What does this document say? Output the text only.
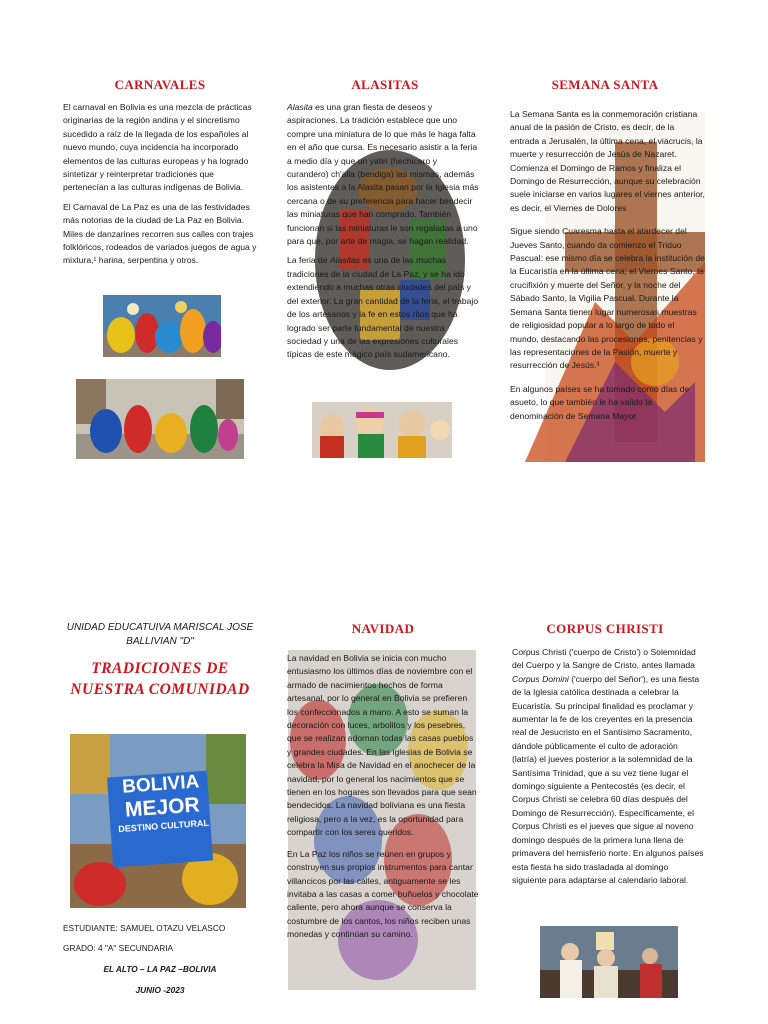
CARNAVALES

El carnaval en Bolivia es una mezcla de prácticas originarias de la región andina y el sincretismo sucedido a raíz de la llegada de los españoles al nuevo mundo, cuya incidencia ha incorporado elementos de las culturas europeas y ha logrado sintetizar y reinterpretar tradiciones que pertenecían a las culturas indígenas de Bolivia.

El Carnaval de La Paz es una de las festividades más notorias de la ciudad de La Paz en Bolivia. Miles de danzarines recorren sus calles con trajes folklóricos, rodeados de variados juegos de agua y mixtura,¹ harina, serpentina y otros.

ALASITAS

Alasita es una gran fiesta de deseos y aspiraciones. La tradición establece que uno compre una miniatura de lo que más le haga falta en el año que cursa. Es necesario asistir a la feria a medio día y que un yatiri (hechicero y curandero) ch'alla (bendiga) las mismas, además los asistentes a la Alasita pasan por la Iglesia más cercana o de su preferencia para hacer bendecir las miniaturas que han comprado. También funcionan si las miniaturas le son regaladas a uno para que, por arte de magia, se hagan realidad.

La feria de Alasitas es una de las muchas tradiciones de la ciudad de La Paz, y se ha ido extendiendo a muchas otras ciudades del país y del exterior. La gran cantidad de la feria, el trabajo de los artesanos y la fe en estos ritos que ha logrado ser parte fundamental de nuestra sociedad y una de las expresiones culturales típicas de este mágico país sudamericano.

SEMANA SANTA

La Semana Santa es la conmemoración cristiana anual de la pasión de Cristo, es decir, de la entrada a Jerusalén, la última cena, el viacrucis, la muerte y resurrección de Jesús de Nazaret. Comienza el Domingo de Ramos y finaliza el Domingo de Resurrección, aunque su celebración suele iniciarse en varios lugares el viernes anterior, es decir, el Viernes de Dolores

Sigue siendo Cuaresma hasta el atardecer del Jueves Santo, cuando da comienzo el Triduo Pascual: ese mismo día se celebra la institución de la Eucaristía en la última cena; el Viernes Santo, la crucifixión y muerte del Señor, y la noche del Sábado Santo, la Vigilia Pascual. Durante la Semana Santa tienen lugar numerosas muestras de religiosidad popular a lo largo de todo el mundo, destacando las procesiones, penitencias y las representaciones de la Pasión, muerte y resurrección de Jesús.³

En algunos países se ha tomado como días de asueto, lo que también le ha valido la denominación de Semana Mayor

UNIDAD EDUCATUIVA MARISCAL JOSE BALLIVIAN "D"
TRADICIONES DE NUESTRA COMUNIDAD
BOLIVIA
MEJOR
DESTINO CULTURAL
ESTUDIANTE: SAMUEL OTAZU VELASCO
GRADO: 4 "A" SECUNDARIA
EL ALTO – LA PAZ –BOLIVIA
JUNIO -2023
NAVIDAD

La navidad en Bolivia se inicia con mucho entusiasmo los últimos días de noviembre con el armado de nacimientos hechos de forma artesanal, por lo general en Bolivia se prefieren los confeccionados a mano. A esto se suman la decoración con luces, arbolitos y los pesebres, que se realizan adornan todas las casas pueblos y grandes ciudades. En las iglesias de Bolivia se celebra la Misa de Navidad en el anochecer de la navidad, por lo general los nacimientos que se tienen en los hogares son llevados para que sean bendecidos. La navidad boliviana es una fiesta religiosa, pero a la vez, es la oportunidad para compartir con los seres queridos.

En La Paz los niños se reúnen en grupos y construyen sus propios instrumentos para cantar villancicos por las calles, antiguamente se les invitaba a las casas a comer buñuelos y chocolate caliente, pero ahora aunque se conserva la costumbre de los cantos, los niños reciben unas monedas y continúan su camino.

CORPUS CHRISTI

Corpus Christi ('cuerpo de Cristo') o Solemnidad del Cuerpo y la Sangre de Cristo, antes llamada Corpus Domini ('cuerpo del Señor'), es una fiesta de la Iglesia católica destinada a celebrar la Eucaristía. Su principal finalidad es proclamar y aumentar la fe de los creyentes en la presencia real de Jesucristo en el Santísimo Sacramento, dándole públicamente el culto de adoración (latría) el jueves posterior a la solemnidad de la Santísima Trinidad, que a su vez tiene lugar el domingo siguiente a Pentecostés (es decir, el Corpus Christi se celebra 60 días después del Domingo de Resurrección). Específicamente, el Corpus Christi es el jueves que sigue al noveno domingo después de la primera luna llena de primavera del hemisferio norte. En algunos países esta fiesta ha sido trasladada al domingo siguiente para adaptarse al calendario laboral.
